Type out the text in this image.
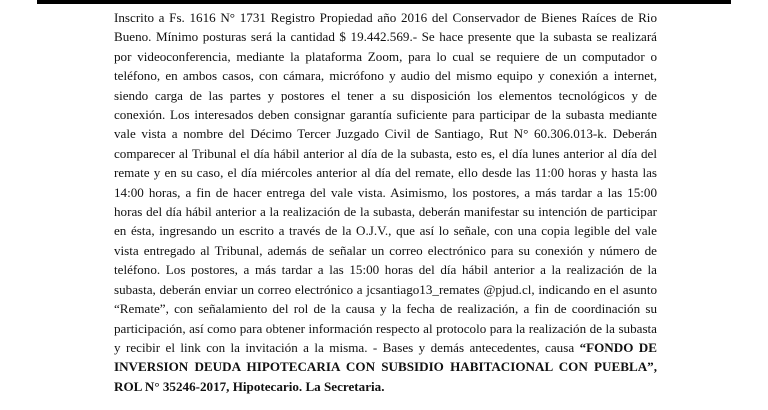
Inscrito a Fs. 1616 N° 1731 Registro Propiedad año 2016 del Conservador de Bienes Raíces de Rio Bueno. Mínimo posturas será la cantidad $ 19.442.569.- Se hace presente que la subasta se realizará por videoconferencia, mediante la plataforma Zoom, para lo cual se requiere de un computador o teléfono, en ambos casos, con cámara, micrófono y audio del mismo equipo y conexión a internet, siendo carga de las partes y postores el tener a su disposición los elementos tecnológicos y de conexión. Los interesados deben consignar garantía suficiente para participar de la subasta mediante vale vista a nombre del Décimo Tercer Juzgado Civil de Santiago, Rut N° 60.306.013-k. Deberán comparecer al Tribunal el día hábil anterior al día de la subasta, esto es, el día lunes anterior al día del remate y en su caso, el día miércoles anterior al día del remate, ello desde las 11:00 horas y hasta las 14:00 horas, a fin de hacer entrega del vale vista. Asimismo, los postores, a más tardar a las 15:00 horas del día hábil anterior a la realización de la subasta, deberán manifestar su intención de participar en ésta, ingresando un escrito a través de la O.J.V., que así lo señale, con una copia legible del vale vista entregado al Tribunal, además de señalar un correo electrónico para su conexión y número de teléfono. Los postores, a más tardar a las 15:00 horas del día hábil anterior a la realización de la subasta, deberán enviar un correo electrónico a jcsantiago13_remates @pjud.cl, indicando en el asunto “Remate”, con señalamiento del rol de la causa y la fecha de realización, a fin de coordinación su participación, así como para obtener información respecto al protocolo para la realización de la subasta y recibir el link con la invitación a la misma. - Bases y demás antecedentes, causa “FONDO DE INVERSION DEUDA HIPOTECARIA CON SUBSIDIO HABITACIONAL CON PUEBLA”, ROL N° 35246-2017, Hipotecario. La Secretaria.
